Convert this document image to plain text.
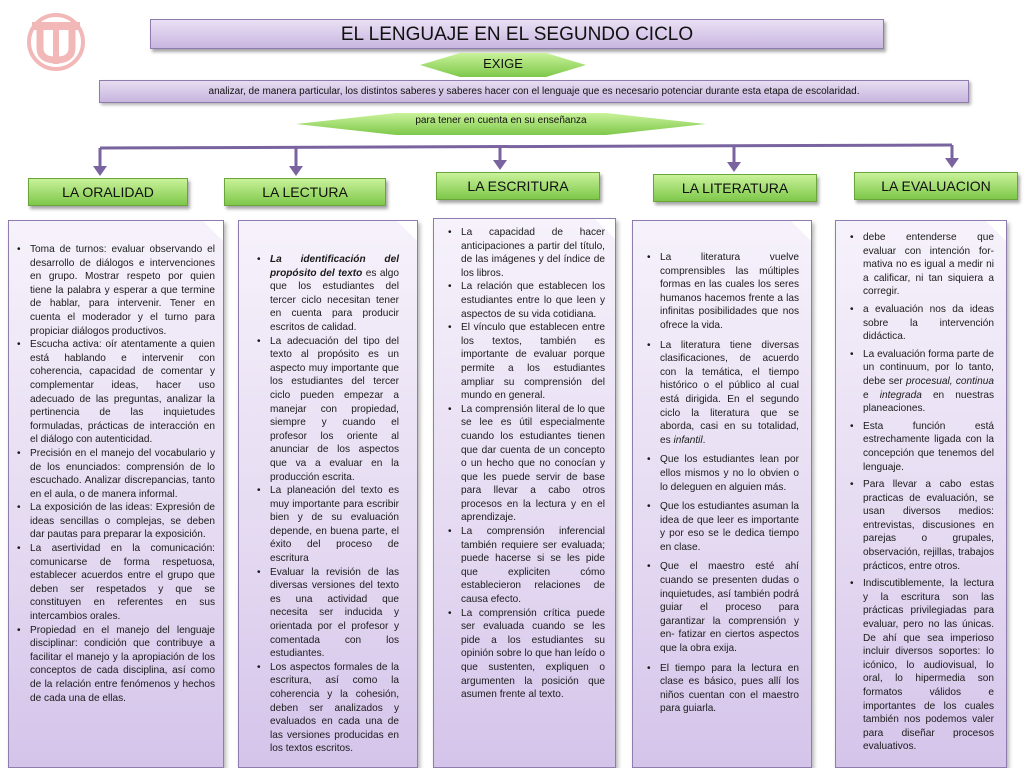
EL LENGUAJE EN EL SEGUNDO CICLO
EXIGE
analizar, de manera particular, los distintos saberes y saberes hacer con el lenguaje que es necesario potenciar durante esta etapa de escolaridad.
para tener en cuenta en su enseñanza
LA ORALIDAD	LA LECTURA	LA ESCRITURA	LA LITERATURA	LA EVALUACION
• Toma de turnos: evaluar observando el desarrollo de diálogos e intervenciones en grupo. Mostrar respeto por quien tiene la palabra y esperar a que termine de hablar, para intervenir. Tener en cuenta el moderador y el turno para propiciar diálogos productivos.
• Escucha activa: oír atentamente a quien está hablando e intervenir con coherencia, capacidad de comentar y complementar ideas, hacer uso adecuado de las preguntas, analizar la pertinencia de las inquietudes formuladas, prácticas de interacción en el diálogo con autenticidad.
• Precisión en el manejo del vocabulario y de los enunciados: comprensión de lo escuchado. Analizar discrepancias, tanto en el aula, o de manera informal.
• La exposición de las ideas: Expresión de ideas sencillas o complejas, se deben dar pautas para preparar la exposición.
• La asertividad en la comunicación: comunicarse de forma respetuosa, establecer acuerdos entre el grupo que deben ser respetados y que se constituyen en referentes en sus intercambios orales.
• Propiedad en el manejo del lenguaje disciplinar: condición que contribuye a facilitar el manejo y la apropiación de los conceptos de cada disciplina, así como de la relación entre fenómenos y hechos de cada una de ellas.
• La identificación del propósito del texto es algo que los estudiantes del tercer ciclo necesitan tener en cuenta para producir escritos de calidad.
• La adecuación del tipo del texto al propósito es un aspecto muy importante que los estudiantes del tercer ciclo pueden empezar a manejar con propiedad, siempre y cuando el profesor los oriente al anunciar de los aspectos que va a evaluar en la producción escrita.
• La planeación del texto es muy importante para escribir bien y de su evaluación depende, en buena parte, el éxito del proceso de escritura
• Evaluar la revisión de las diversas versiones del texto es una actividad que necesita ser inducida y orientada por el profesor y comentada con los estudiantes.
• Los aspectos formales de la escritura, así como la coherencia y la cohesión, deben ser analizados y evaluados en cada una de las versiones producidas en los textos escritos.
• La capacidad de hacer anticipaciones a partir del título, de las imágenes y del índice de los libros.
• La relación que establecen los estudiantes entre lo que leen y aspectos de su vida cotidiana.
• El vínculo que establecen entre los textos, también es importante de evaluar porque permite a los estudiantes ampliar su comprensión del mundo en general.
• La comprensión literal de lo que se lee es útil especialmente cuando los estudiantes tienen que dar cuenta de un concepto o un hecho que no conocían y que les puede servir de base para llevar a cabo otros procesos en la lectura y en el aprendizaje.
• La comprensión inferencial también requiere ser evaluada; puede hacerse si se les pide que expliciten cómo establecieron relaciones de causa efecto.
• La comprensión crítica puede ser evaluada cuando se les pide a los estudiantes su opinión sobre lo que han leído o que sustenten, expliquen o argumenten la posición que asumen frente al texto.
• La literatura vuelve comprensibles las múltiples formas en las cuales los seres humanos hacemos frente a las infinitas posibilidades que nos ofrece la vida.
• La literatura tiene diversas clasificaciones, de acuerdo con la temática, el tiempo histórico o el público al cual está dirigida. En el segundo ciclo la literatura que se aborda, casi en su totalidad, es infantil.
• Que los estudiantes lean por ellos mismos y no lo obvien o lo deleguen en alguien más.
• Que los estudiantes asuman la idea de que leer es importante y por eso se le dedica tiempo en clase.
• Que el maestro esté ahí cuando se presenten dudas o inquietudes, así también podrá guiar el proceso para garantizar la comprensión y en- fatizar en ciertos aspectos que la obra exija.
• El tiempo para la lectura en clase es básico, pues allí los niños cuentan con el maestro para guiarla.
• debe entenderse que evaluar con intención for-mativa no es igual a medir ni a calificar, ni tan siquiera a corregir.
• a evaluación nos da ideas sobre la intervención didáctica.
• La evaluación forma parte de un continuum, por lo tanto, debe ser procesual, continua e integrada en nuestras planeaciones.
• Esta función está estrechamente ligada con la concepción que tenemos del lenguaje.
• Para llevar a cabo estas practicas de evaluación, se usan diversos medios: entrevistas, discusiones en parejas o grupales, observación, rejillas, trabajos prácticos, entre otros.
• Indiscutiblemente, la lectura y la escritura son las prácticas privilegiadas para evaluar, pero no las únicas. De ahí que sea imperioso incluir diversos soportes: lo icónico, lo audiovisual, lo oral, lo hipermedia son formatos válidos e importantes de los cuales también nos podemos valer para diseñar procesos evaluativos.
